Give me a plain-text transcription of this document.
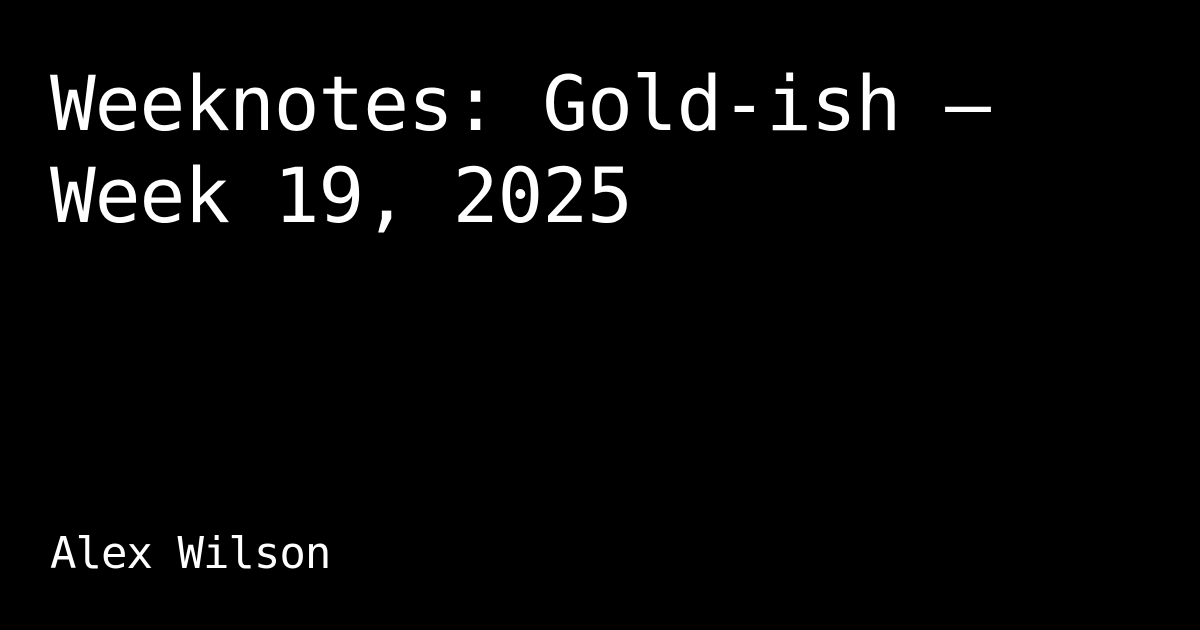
Weeknotes: Gold-ish —
Week 19, 2025
Alex Wilson
